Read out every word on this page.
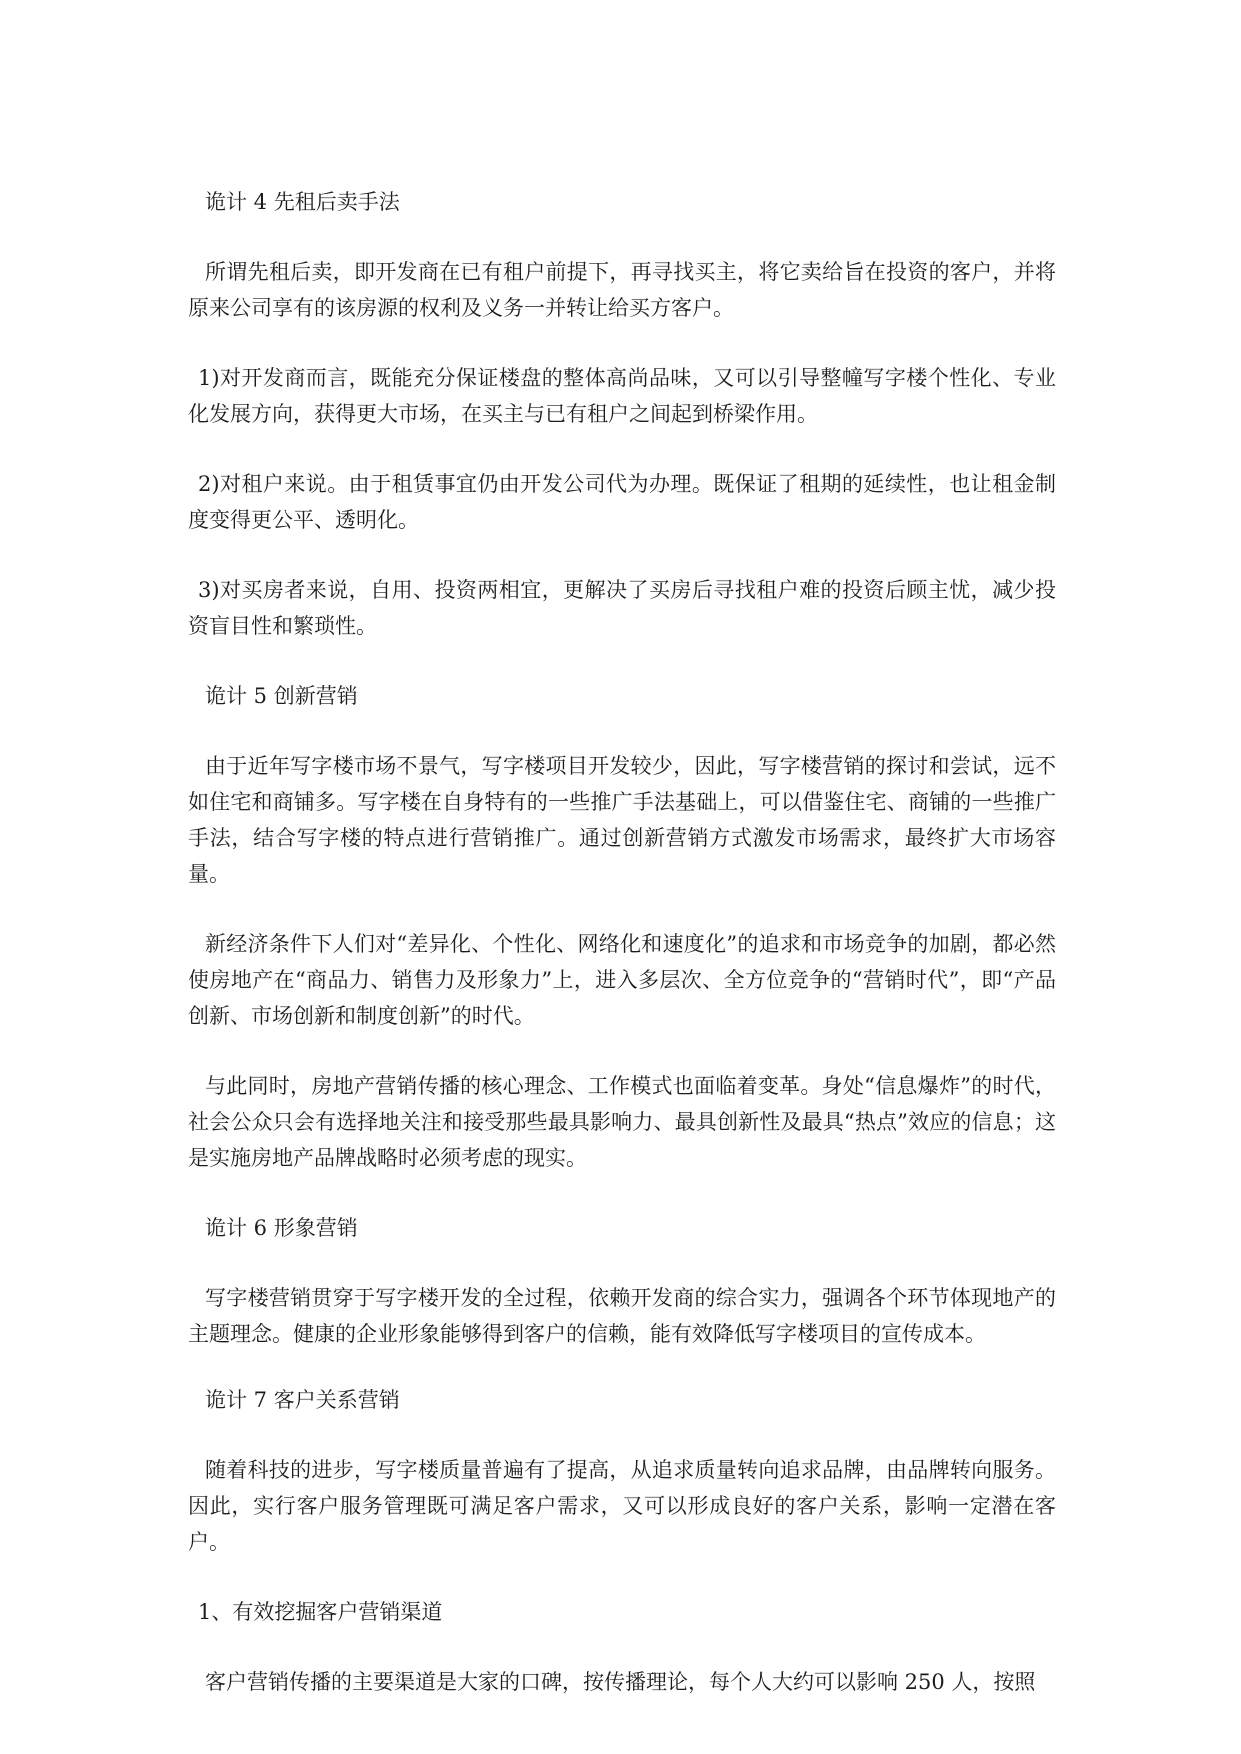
诡计 4 先租后卖手法

所谓先租后卖，即开发商在已有租户前提下，再寻找买主，将它卖给旨在投资的客户，并将原来公司享有的该房源的权利及义务一并转让给买方客户。

1)对开发商而言，既能充分保证楼盘的整体高尚品味，又可以引导整幢写字楼个性化、专业化发展方向，获得更大市场，在买主与已有租户之间起到桥梁作用。

2)对租户来说。由于租赁事宜仍由开发公司代为办理。既保证了租期的延续性，也让租金制度变得更公平、透明化。

3)对买房者来说，自用、投资两相宜，更解决了买房后寻找租户难的投资后顾主忧，减少投资盲目性和繁琐性。

诡计 5 创新营销

由于近年写字楼市场不景气，写字楼项目开发较少，因此，写字楼营销的探讨和尝试，远不如住宅和商铺多。写字楼在自身特有的一些推广手法基础上，可以借鉴住宅、商铺的一些推广手法，结合写字楼的特点进行营销推广。通过创新营销方式激发市场需求，最终扩大市场容量。

新经济条件下人们对“差异化、个性化、网络化和速度化”的追求和市场竞争的加剧，都必然使房地产在“商品力、销售力及形象力”上，进入多层次、全方位竞争的“营销时代”，即“产品创新、市场创新和制度创新”的时代。

与此同时，房地产营销传播的核心理念、工作模式也面临着变革。身处“信息爆炸”的时代，社会公众只会有选择地关注和接受那些最具影响力、最具创新性及最具“热点”效应的信息；这是实施房地产品牌战略时必须考虑的现实。

诡计 6 形象营销

写字楼营销贯穿于写字楼开发的全过程，依赖开发商的综合实力，强调各个环节体现地产的主题理念。健康的企业形象能够得到客户的信赖，能有效降低写字楼项目的宣传成本。

诡计 7 客户关系营销

随着科技的进步，写字楼质量普遍有了提高，从追求质量转向追求品牌，由品牌转向服务。因此，实行客户服务管理既可满足客户需求，又可以形成良好的客户关系，影响一定潜在客户。

1、有效挖掘客户营销渠道

客户营销传播的主要渠道是大家的口碑，按传播理论，每个人大约可以影响 250 人，按照
